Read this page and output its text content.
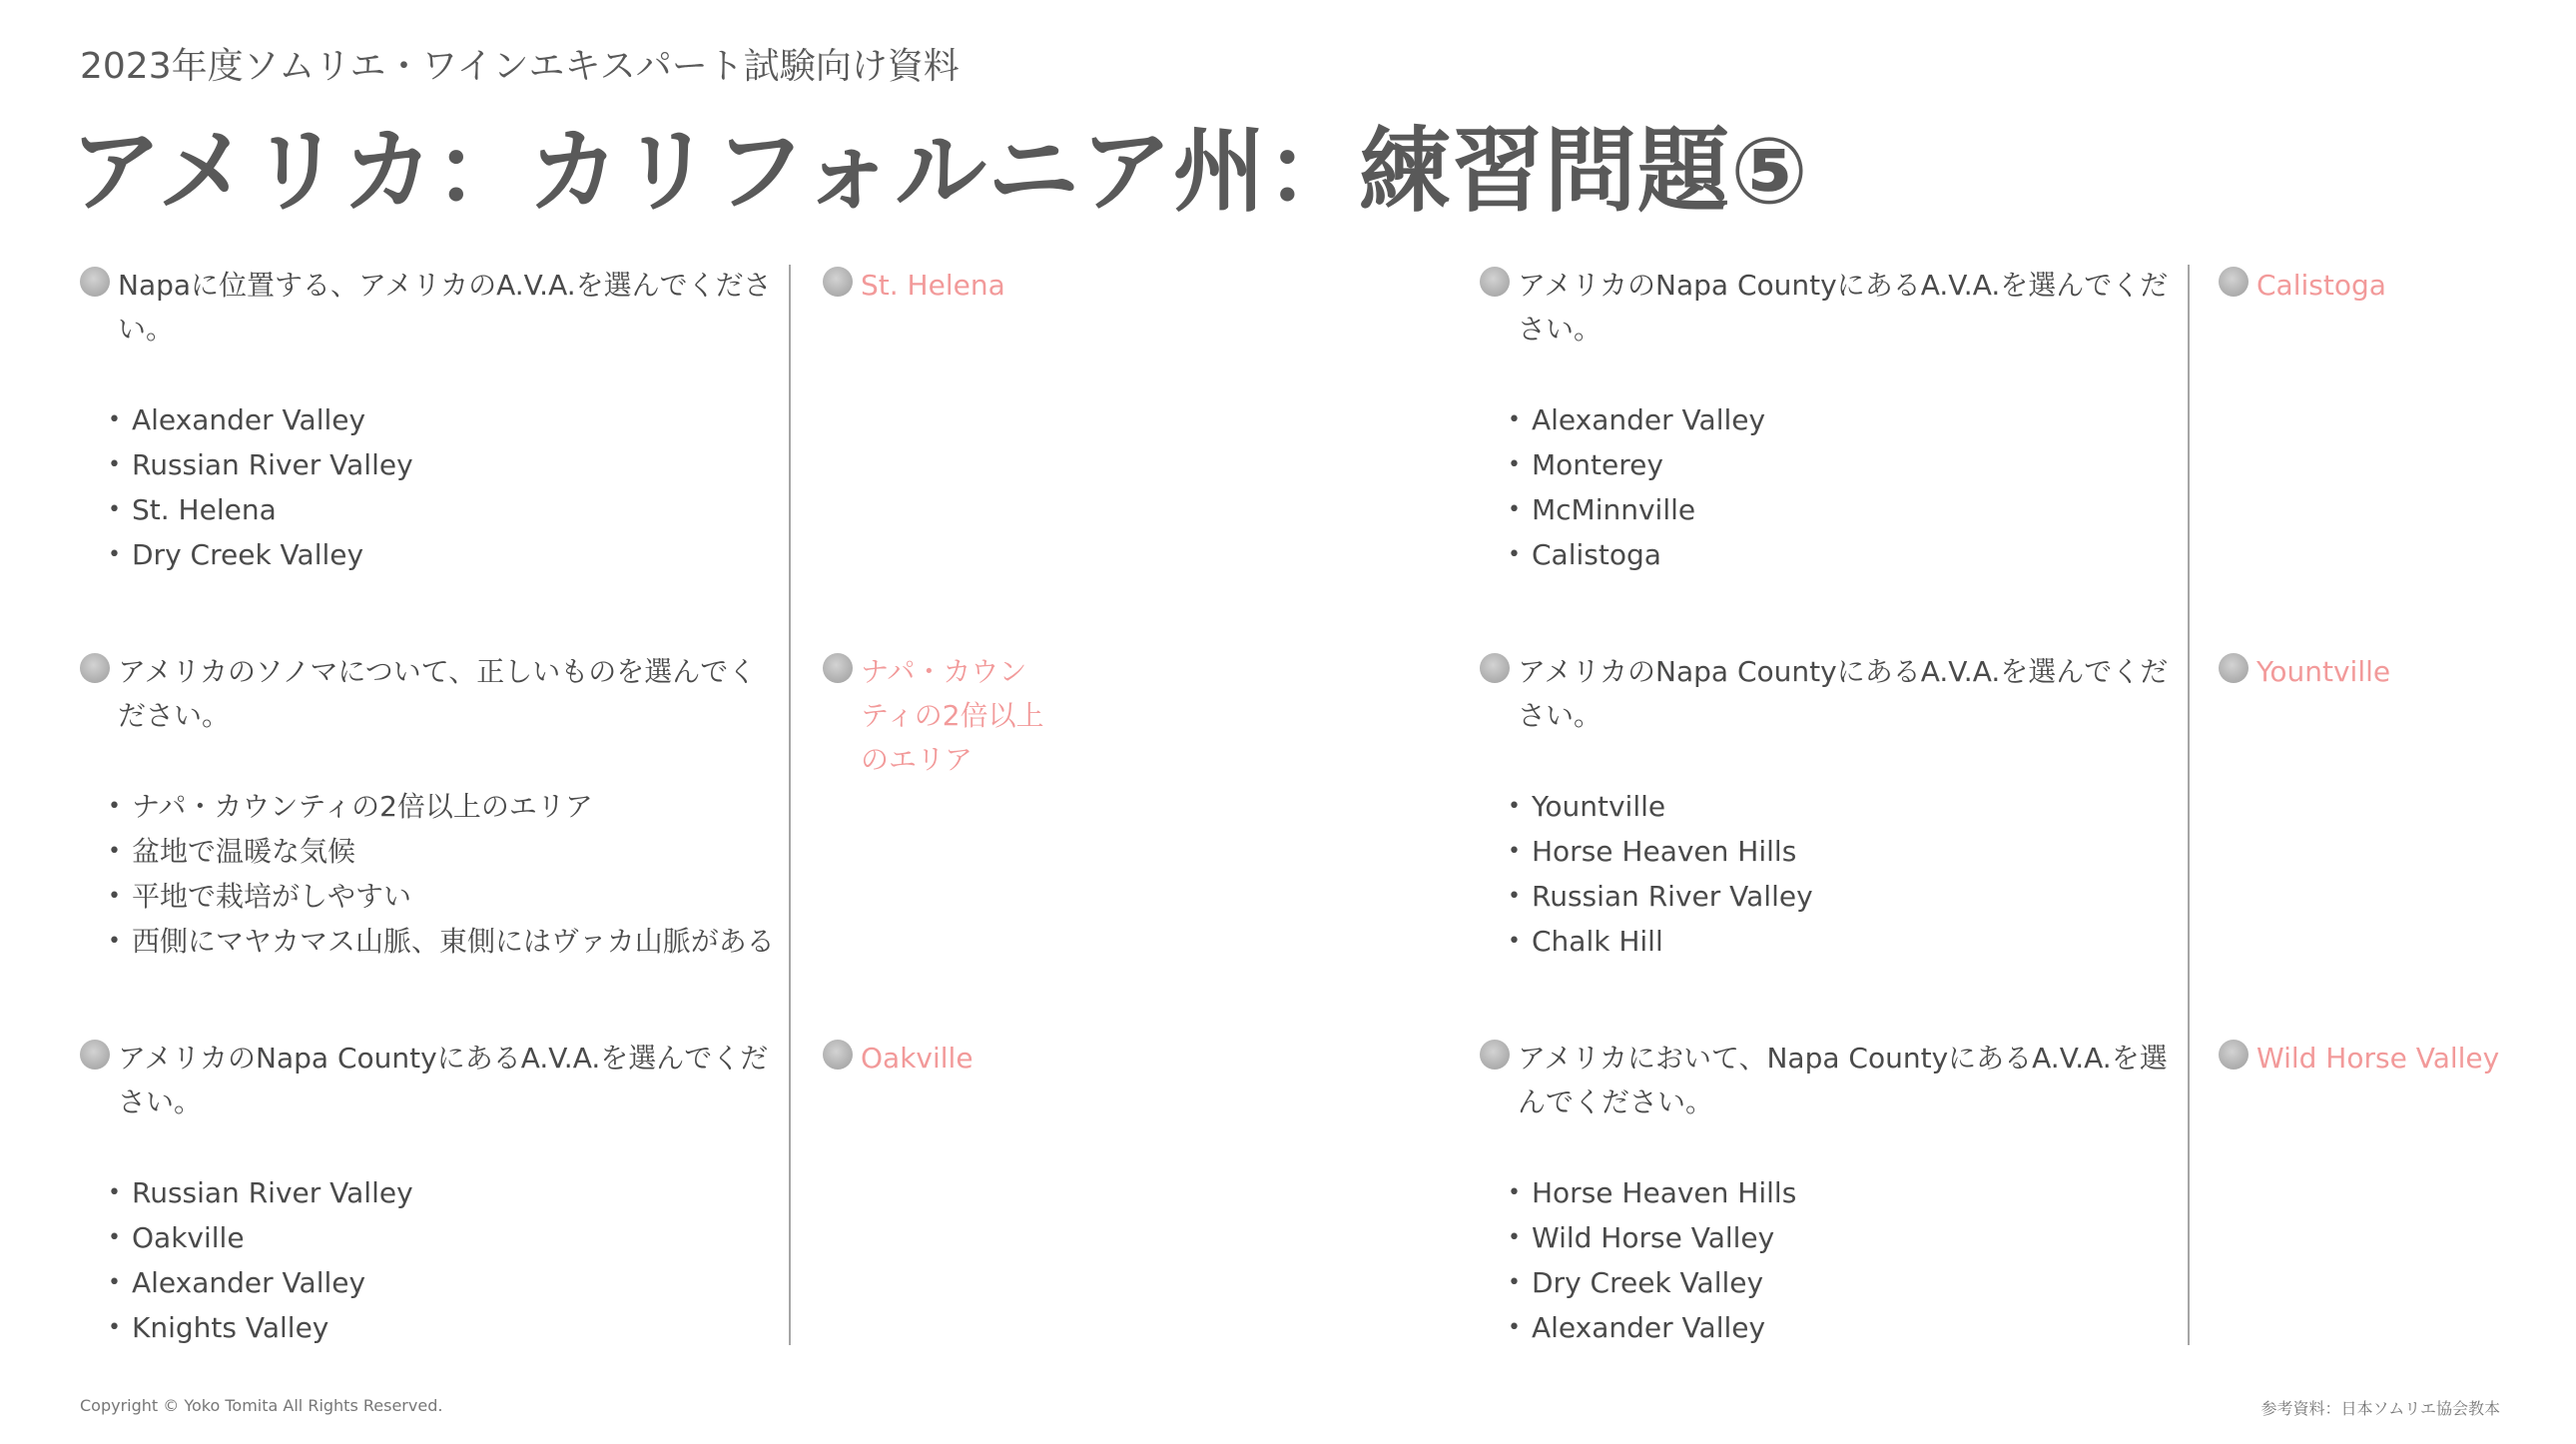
2023年度ソムリエ・ワインエキスパート試験向け資料
アメリカ：カリフォルニア州：練習問題⑤
Napaに位置する、アメリカのA.V.A.を選んでください。
• Alexander Valley
• Russian River Valley
• St. Helena
• Dry Creek Valley
St. Helena
アメリカのソノマについて、正しいものを選んでください。
• ナパ・カウンティの2倍以上のエリア
• 盆地で温暖な気候
• 平地で栽培がしやすい
• 西側にマヤカマス山脈、東側にはヴァカ山脈がある
ナパ・カウンティの2倍以上のエリア
アメリカのNapa CountyにあるA.V.A.を選んでください。
• Russian River Valley
• Oakville
• Alexander Valley
• Knights Valley
Oakville
アメリカのNapa CountyにあるA.V.A.を選んでください。
• Alexander Valley
• Monterey
• McMinnville
• Calistoga
Calistoga
アメリカのNapa CountyにあるA.V.A.を選んでください。
• Yountville
• Horse Heaven Hills
• Russian River Valley
• Chalk Hill
Yountville
アメリカにおいて、Napa CountyにあるA.V.A.を選んでください。
• Horse Heaven Hills
• Wild Horse Valley
• Dry Creek Valley
• Alexander Valley
Wild Horse Valley
Copyright © Yoko Tomita All Rights Reserved.	参考資料：日本ソムリエ協会教本
